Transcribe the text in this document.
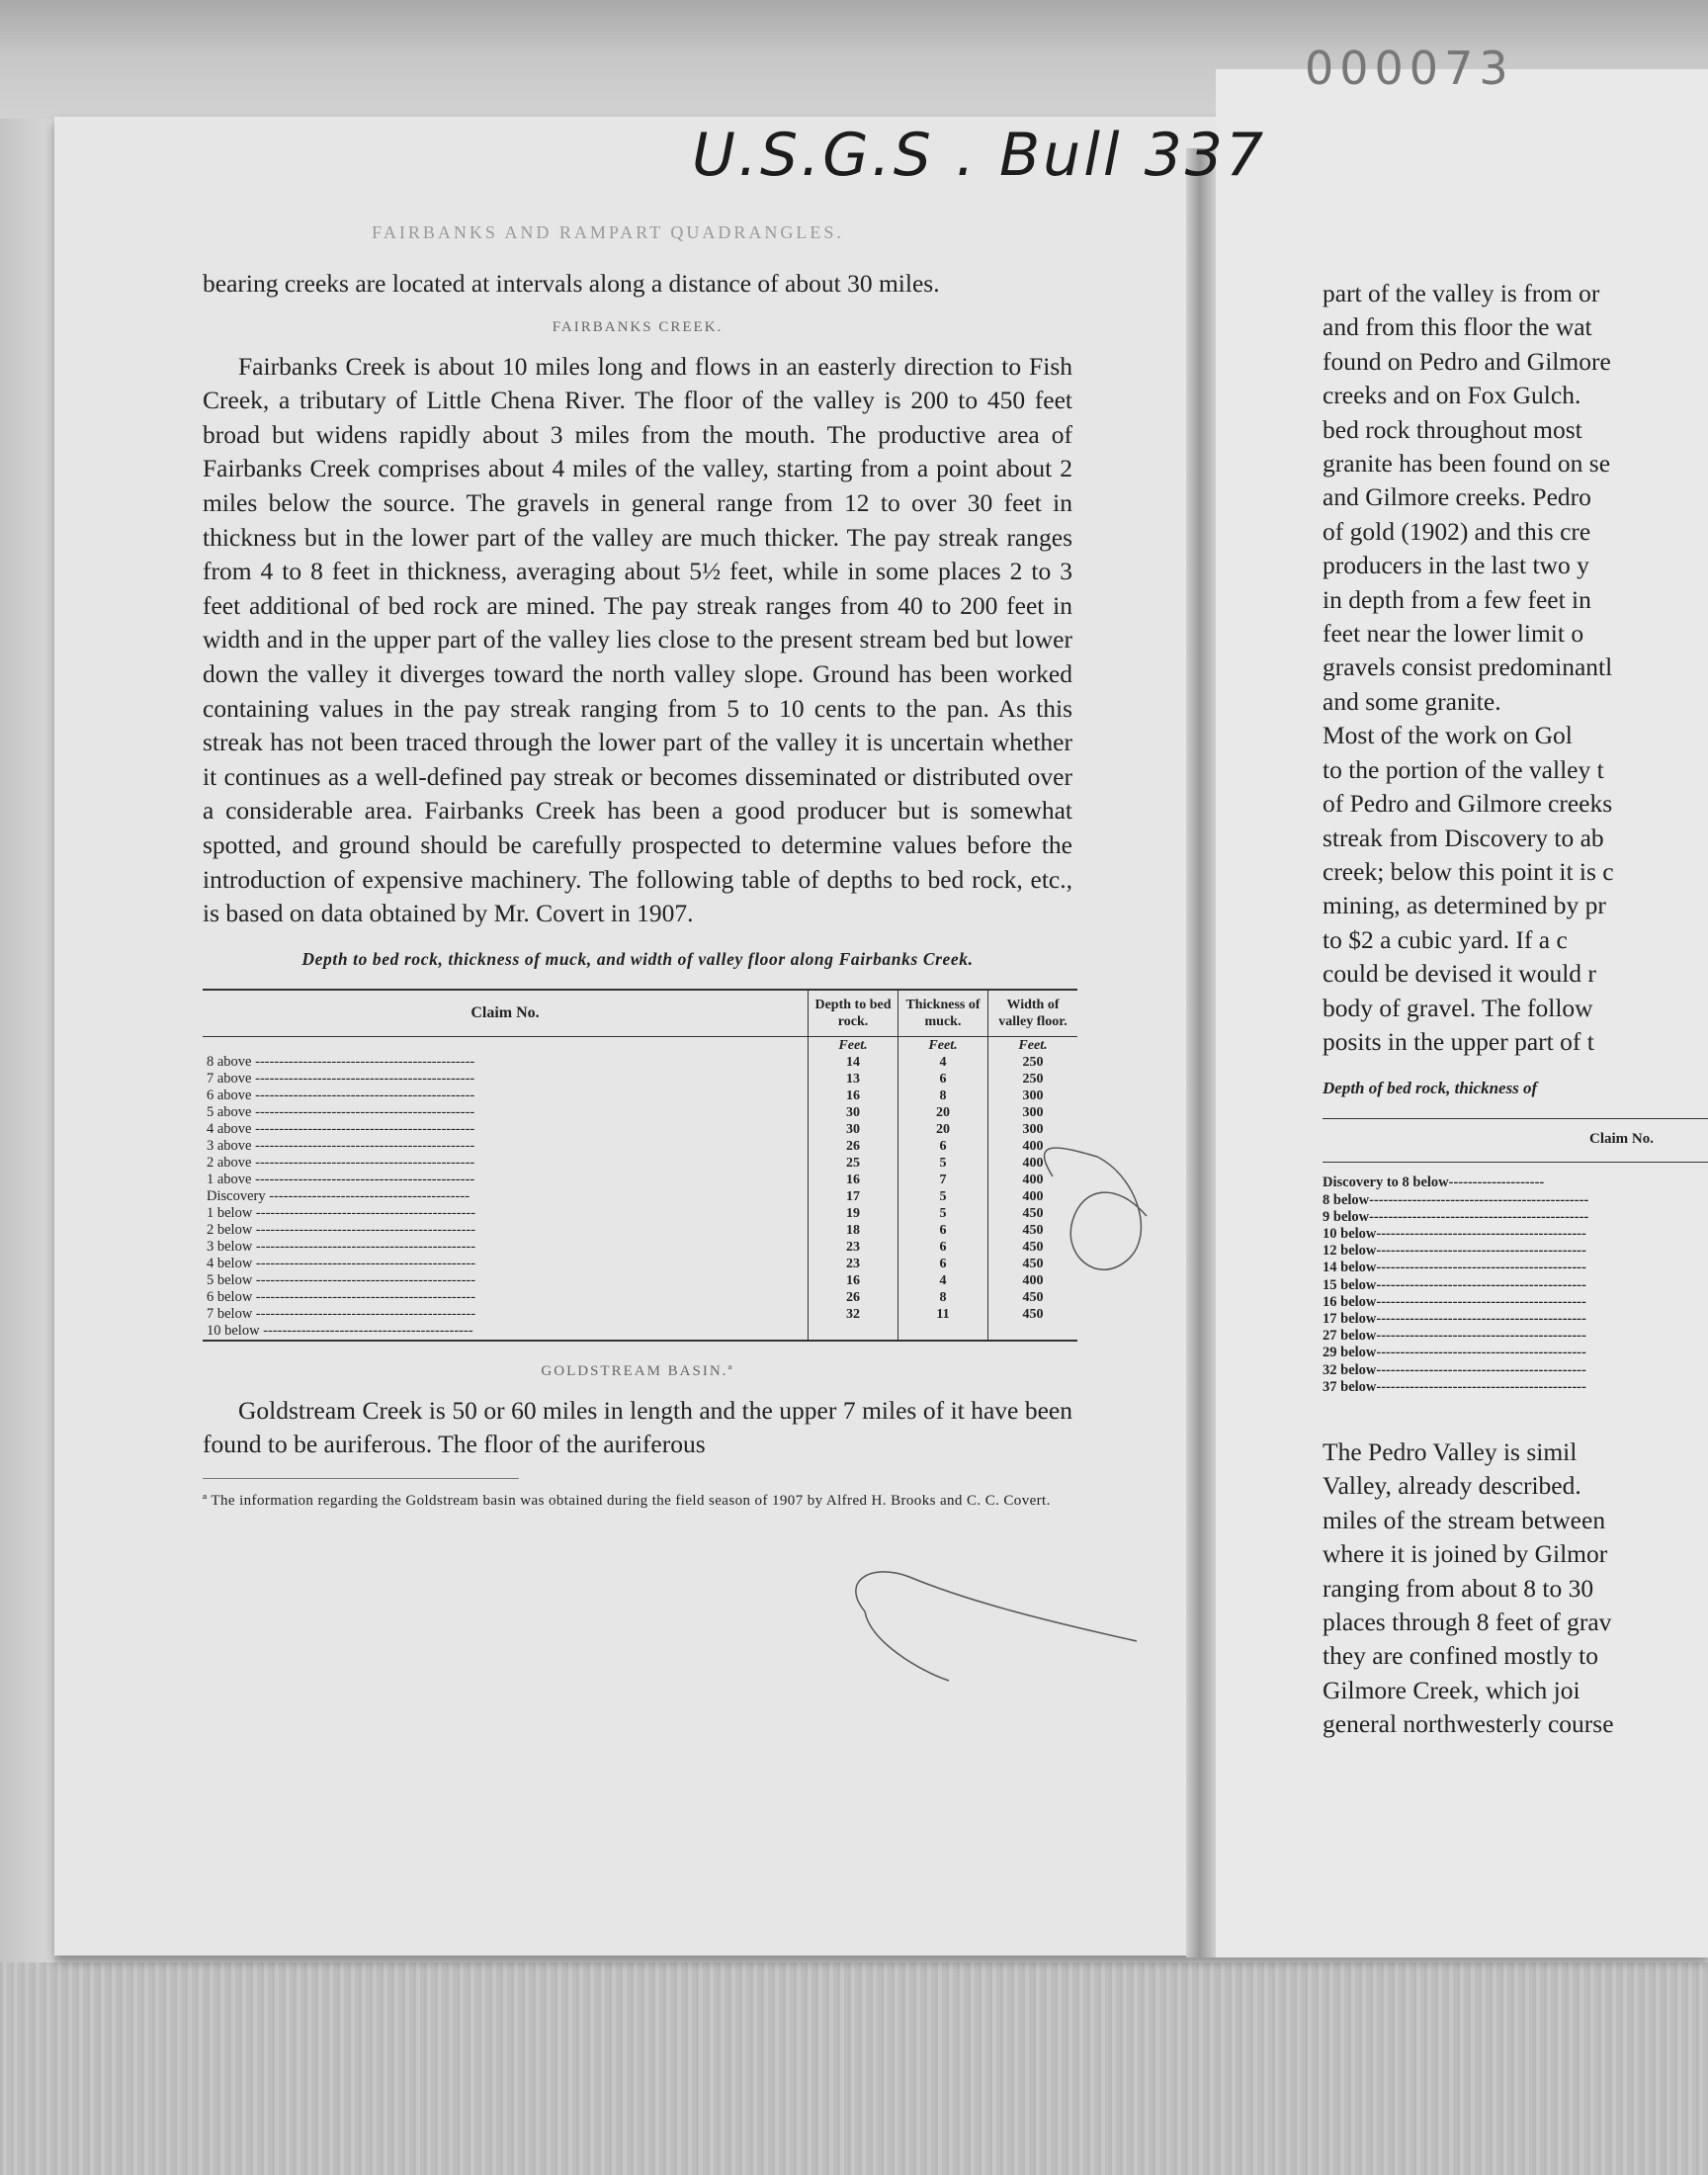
000073
U.S.G.S . Bull 337
FAIRBANKS AND RAMPART QUADRANGLES.

bearing creeks are located at intervals along a distance of about 30 miles.

FAIRBANKS CREEK.

Fairbanks Creek is about 10 miles long and flows in an easterly direction to Fish Creek, a tributary of Little Chena River. The floor of the valley is 200 to 450 feet broad but widens rapidly about 3 miles from the mouth. The productive area of Fairbanks Creek comprises about 4 miles of the valley, starting from a point about 2 miles below the source. The gravels in general range from 12 to over 30 feet in thickness but in the lower part of the valley are much thicker. The pay streak ranges from 4 to 8 feet in thickness, averaging about 5½ feet, while in some places 2 to 3 feet additional of bed rock are mined. The pay streak ranges from 40 to 200 feet in width and in the upper part of the valley lies close to the present stream bed but lower down the valley it diverges toward the north valley slope. Ground has been worked containing values in the pay streak ranging from 5 to 10 cents to the pan. As this streak has not been traced through the lower part of the valley it is uncertain whether it continues as a well-defined pay streak or becomes disseminated or distributed over a considerable area. Fairbanks Creek has been a good producer but is somewhat spotted, and ground should be carefully prospected to determine values before the introduction of expensive machinery. The following table of depths to bed rock, etc., is based on data obtained by Mr. Covert in 1907.

Depth to bed rock, thickness of muck, and width of valley floor along Fairbanks Creek.
Claim No.	Depth to bed rock.	Thickness of muck.	Width of valley floor.
	Feet.	Feet.	Feet.
8 above ----------------------------------------------	14	4	250
7 above ----------------------------------------------	13	6	250
6 above ----------------------------------------------	16	8	300
5 above ----------------------------------------------	30	20	300
4 above ----------------------------------------------	30	20	300
3 above ----------------------------------------------	26	6	400
2 above ----------------------------------------------	25	5	400
1 above ----------------------------------------------	16	7	400
Discovery ------------------------------------------	17	5	400
1 below ----------------------------------------------	19	5	450
2 below ----------------------------------------------	18	6	450
3 below ----------------------------------------------	23	6	450
4 below ----------------------------------------------	23	6	450
5 below ----------------------------------------------	16	4	400
6 below ----------------------------------------------	26	8	450
7 below ----------------------------------------------	32	11	450
10 below --------------------------------------------			
GOLDSTREAM BASIN.ª

Goldstream Creek is 50 or 60 miles in length and the upper 7 miles of it have been found to be auriferous. The floor of the auriferous

ª The information regarding the Goldstream basin was obtained during the field season of 1907 by Alfred H. Brooks and C. C. Covert.
part of the valley is from or
and from this floor the wat
found on Pedro and Gilmore
creeks and on Fox Gulch.
bed rock throughout most
granite has been found on se
and Gilmore creeks. Pedro
of gold (1902) and this cre
producers in the last two y
in depth from a few feet in
feet near the lower limit o
gravels consist predominantl
and some granite.
Most of the work on Gol
to the portion of the valley t
of Pedro and Gilmore creeks
streak from Discovery to ab
creek; below this point it is c
mining, as determined by pr
to $2 a cubic yard. If a c
could be devised it would r
body of gravel. The follow
posits in the upper part of t
Depth of bed rock, thickness of
Claim No.
Discovery to 8 below--------------------
8 below----------------------------------------------
9 below----------------------------------------------
10 below--------------------------------------------
12 below--------------------------------------------
14 below--------------------------------------------
15 below--------------------------------------------
16 below--------------------------------------------
17 below--------------------------------------------
27 below--------------------------------------------
29 below--------------------------------------------
32 below--------------------------------------------
37 below--------------------------------------------
The Pedro Valley is simil
Valley, already described.
miles of the stream between
where it is joined by Gilmor
ranging from about 8 to 30
places through 8 feet of grav
they are confined mostly to
Gilmore Creek, which joi
general northwesterly course
